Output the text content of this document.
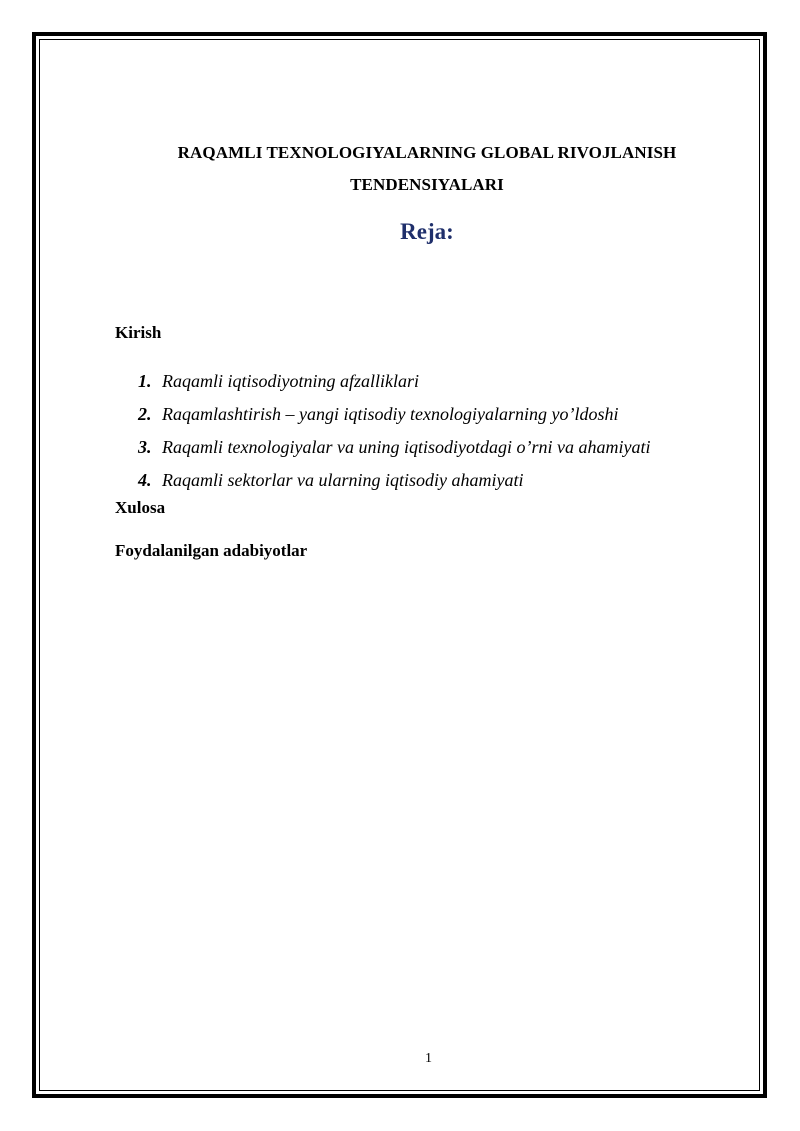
RAQAMLI TEXNOLOGIYALARNING GLOBAL RIVOJLANISH
TENDENSIYALARI
Reja:
Kirish
1. Raqamli iqtisodiyotning afzalliklari
2. Raqamlashtirish – yangi iqtisodiy texnologiyalarning yo’ldoshi
3. Raqamli texnologiyalar va uning iqtisodiyotdagi o’rni va ahamiyati
4. Raqamli sektorlar va ularning iqtisodiy ahamiyati
Xulosa
Foydalanilgan adabiyotlar
1
